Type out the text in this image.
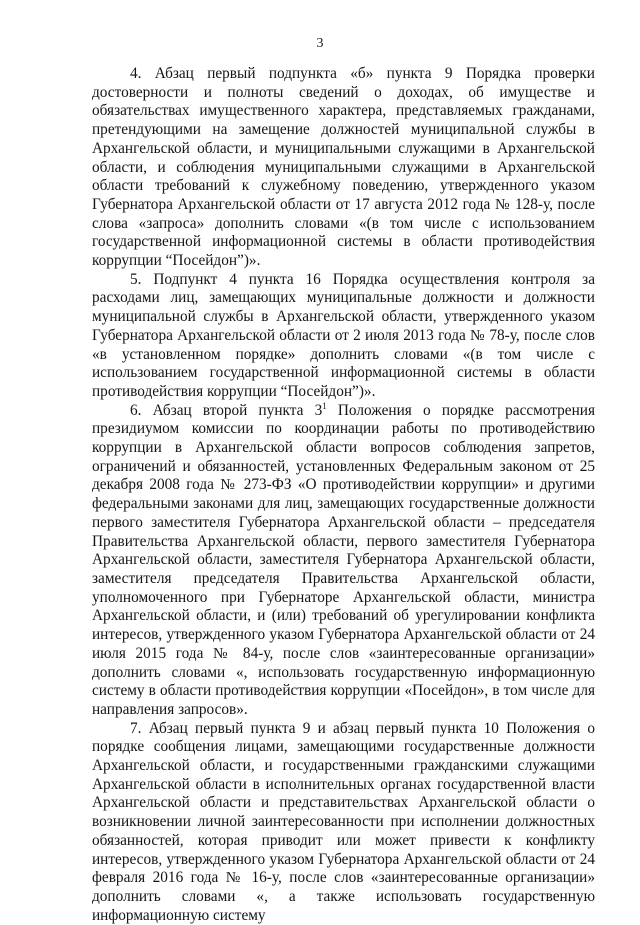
3

4. Абзац первый подпункта «б» пункта 9 Порядка проверки достоверности и полноты сведений о доходах, об имуществе и обязательствах имущественного характера, представляемых гражданами, претендующими на замещение должностей муниципальной службы в Архангельской области, и муниципальными служащими в Архангельской области, и соблюдения муниципальными служащими в Архангельской области требований к служебному поведению, утвержденного указом Губернатора Архангельской области от 17 августа 2012 года № 128-у, после слова «запроса» дополнить словами «(в том числе с использованием государственной информационной системы в области противодействия коррупции “Посейдон”)».

5. Подпункт 4 пункта 16 Порядка осуществления контроля за расходами лиц, замещающих муниципальные должности и должности муниципальной службы в Архангельской области, утвержденного указом Губернатора Архангельской области от 2 июля 2013 года № 78-у, после слов «в установленном порядке» дополнить словами «(в том числе с использованием государственной информационной системы в области противодействия коррупции “Посейдон”)».

6. Абзац второй пункта $3^1$ Положения о порядке рассмотрения президиумом комиссии по координации работы по противодействию коррупции в Архангельской области вопросов соблюдения запретов, ограничений и обязанностей, установленных Федеральным законом от 25 декабря 2008 года № 273-ФЗ «О противодействии коррупции» и другими федеральными законами для лиц, замещающих государственные должности первого заместителя Губернатора Архангельской области – председателя Правительства Архангельской области, первого заместителя Губернатора Архангельской области, заместителя Губернатора Архангельской области, заместителя председателя Правительства Архангельской области, уполномоченного при Губернаторе Архангельской области, министра Архангельской области, и (или) требований об урегулировании конфликта интересов, утвержденного указом Губернатора Архангельской области от 24 июля 2015 года № 84-у, после слов «заинтересованные организации» дополнить словами «, использовать государственную информационную систему в области противодействия коррупции «Посейдон», в том числе для направления запросов».

7. Абзац первый пункта 9 и абзац первый пункта 10 Положения о порядке сообщения лицами, замещающими государственные должности Архангельской области, и государственными гражданскими служащими Архангельской области в исполнительных органах государственной власти Архангельской области и представительствах Архангельской области о возникновении личной заинтересованности при исполнении должностных обязанностей, которая приводит или может привести к конфликту интересов, утвержденного указом Губернатора Архангельской области от 24 февраля 2016 года № 16-у, после слов «заинтересованные организации» дополнить словами «, а также использовать государственную информационную систему
